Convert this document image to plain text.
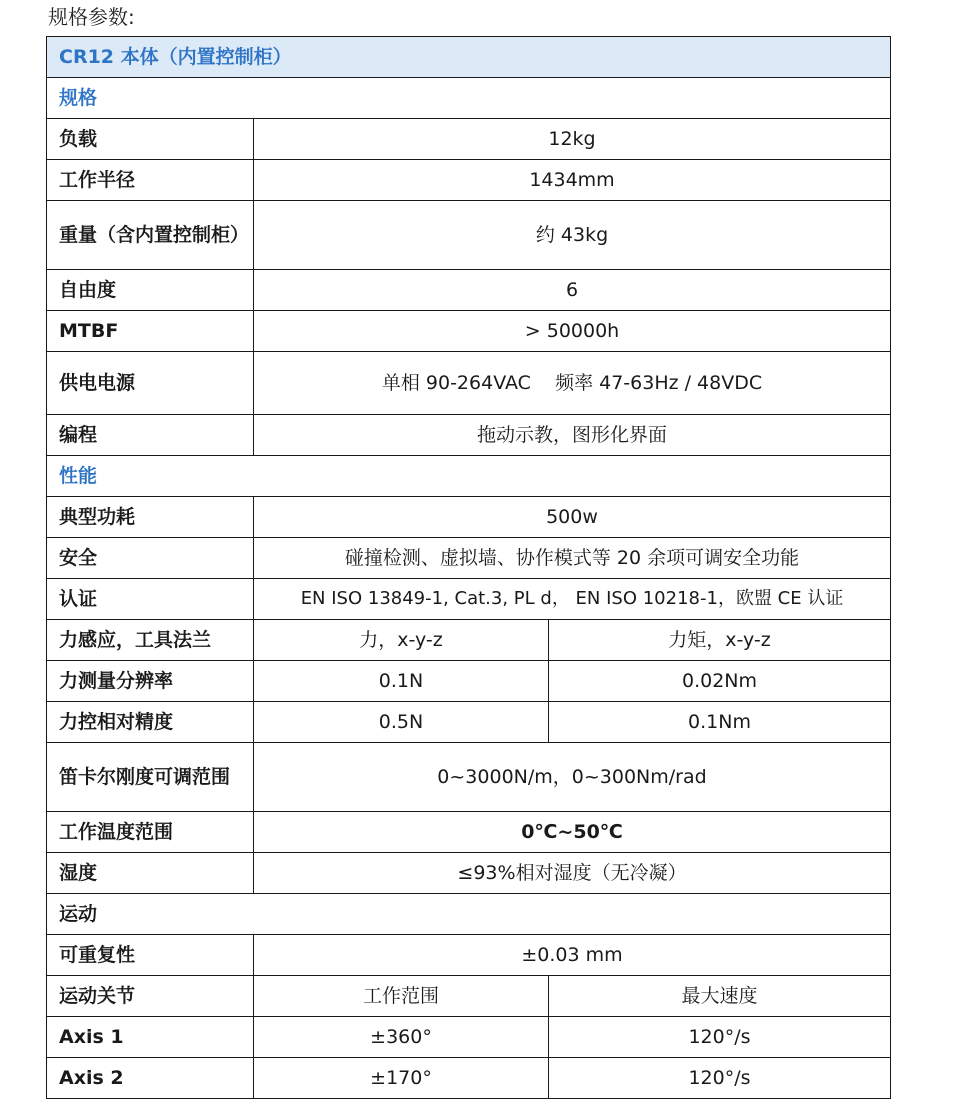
规格参数:
CR12 本体（内置控制柜）		
规格		
负载	12kg	
工作半径	1434mm	
重量（含内置控制柜）	约 43kg	
自由度	6	
MTBF	> 50000h	
供电电源	单相 90-264VAC    频率 47-63Hz / 48VDC	
编程	拖动示教，图形化界面	
性能		
典型功耗	500w	
安全	碰撞检测、虚拟墙、协作模式等 20 余项可调安全功能	
认证	EN ISO 13849-1, Cat.3, PL d， EN ISO 10218-1，欧盟 CE 认证	
力感应，工具法兰	力，x-y-z	力矩，x-y-z
力测量分辨率	0.1N	0.02Nm
力控相对精度	0.5N	0.1Nm
笛卡尔刚度可调范围	0~3000N/m，0~300Nm/rad	
工作温度范围	0℃~50℃	
湿度	≤93%相对湿度（无冷凝）	
运动		
可重复性	±0.03 mm	
运动关节	工作范围	最大速度
Axis 1	±360°	120°/s
Axis 2	±170°	120°/s
